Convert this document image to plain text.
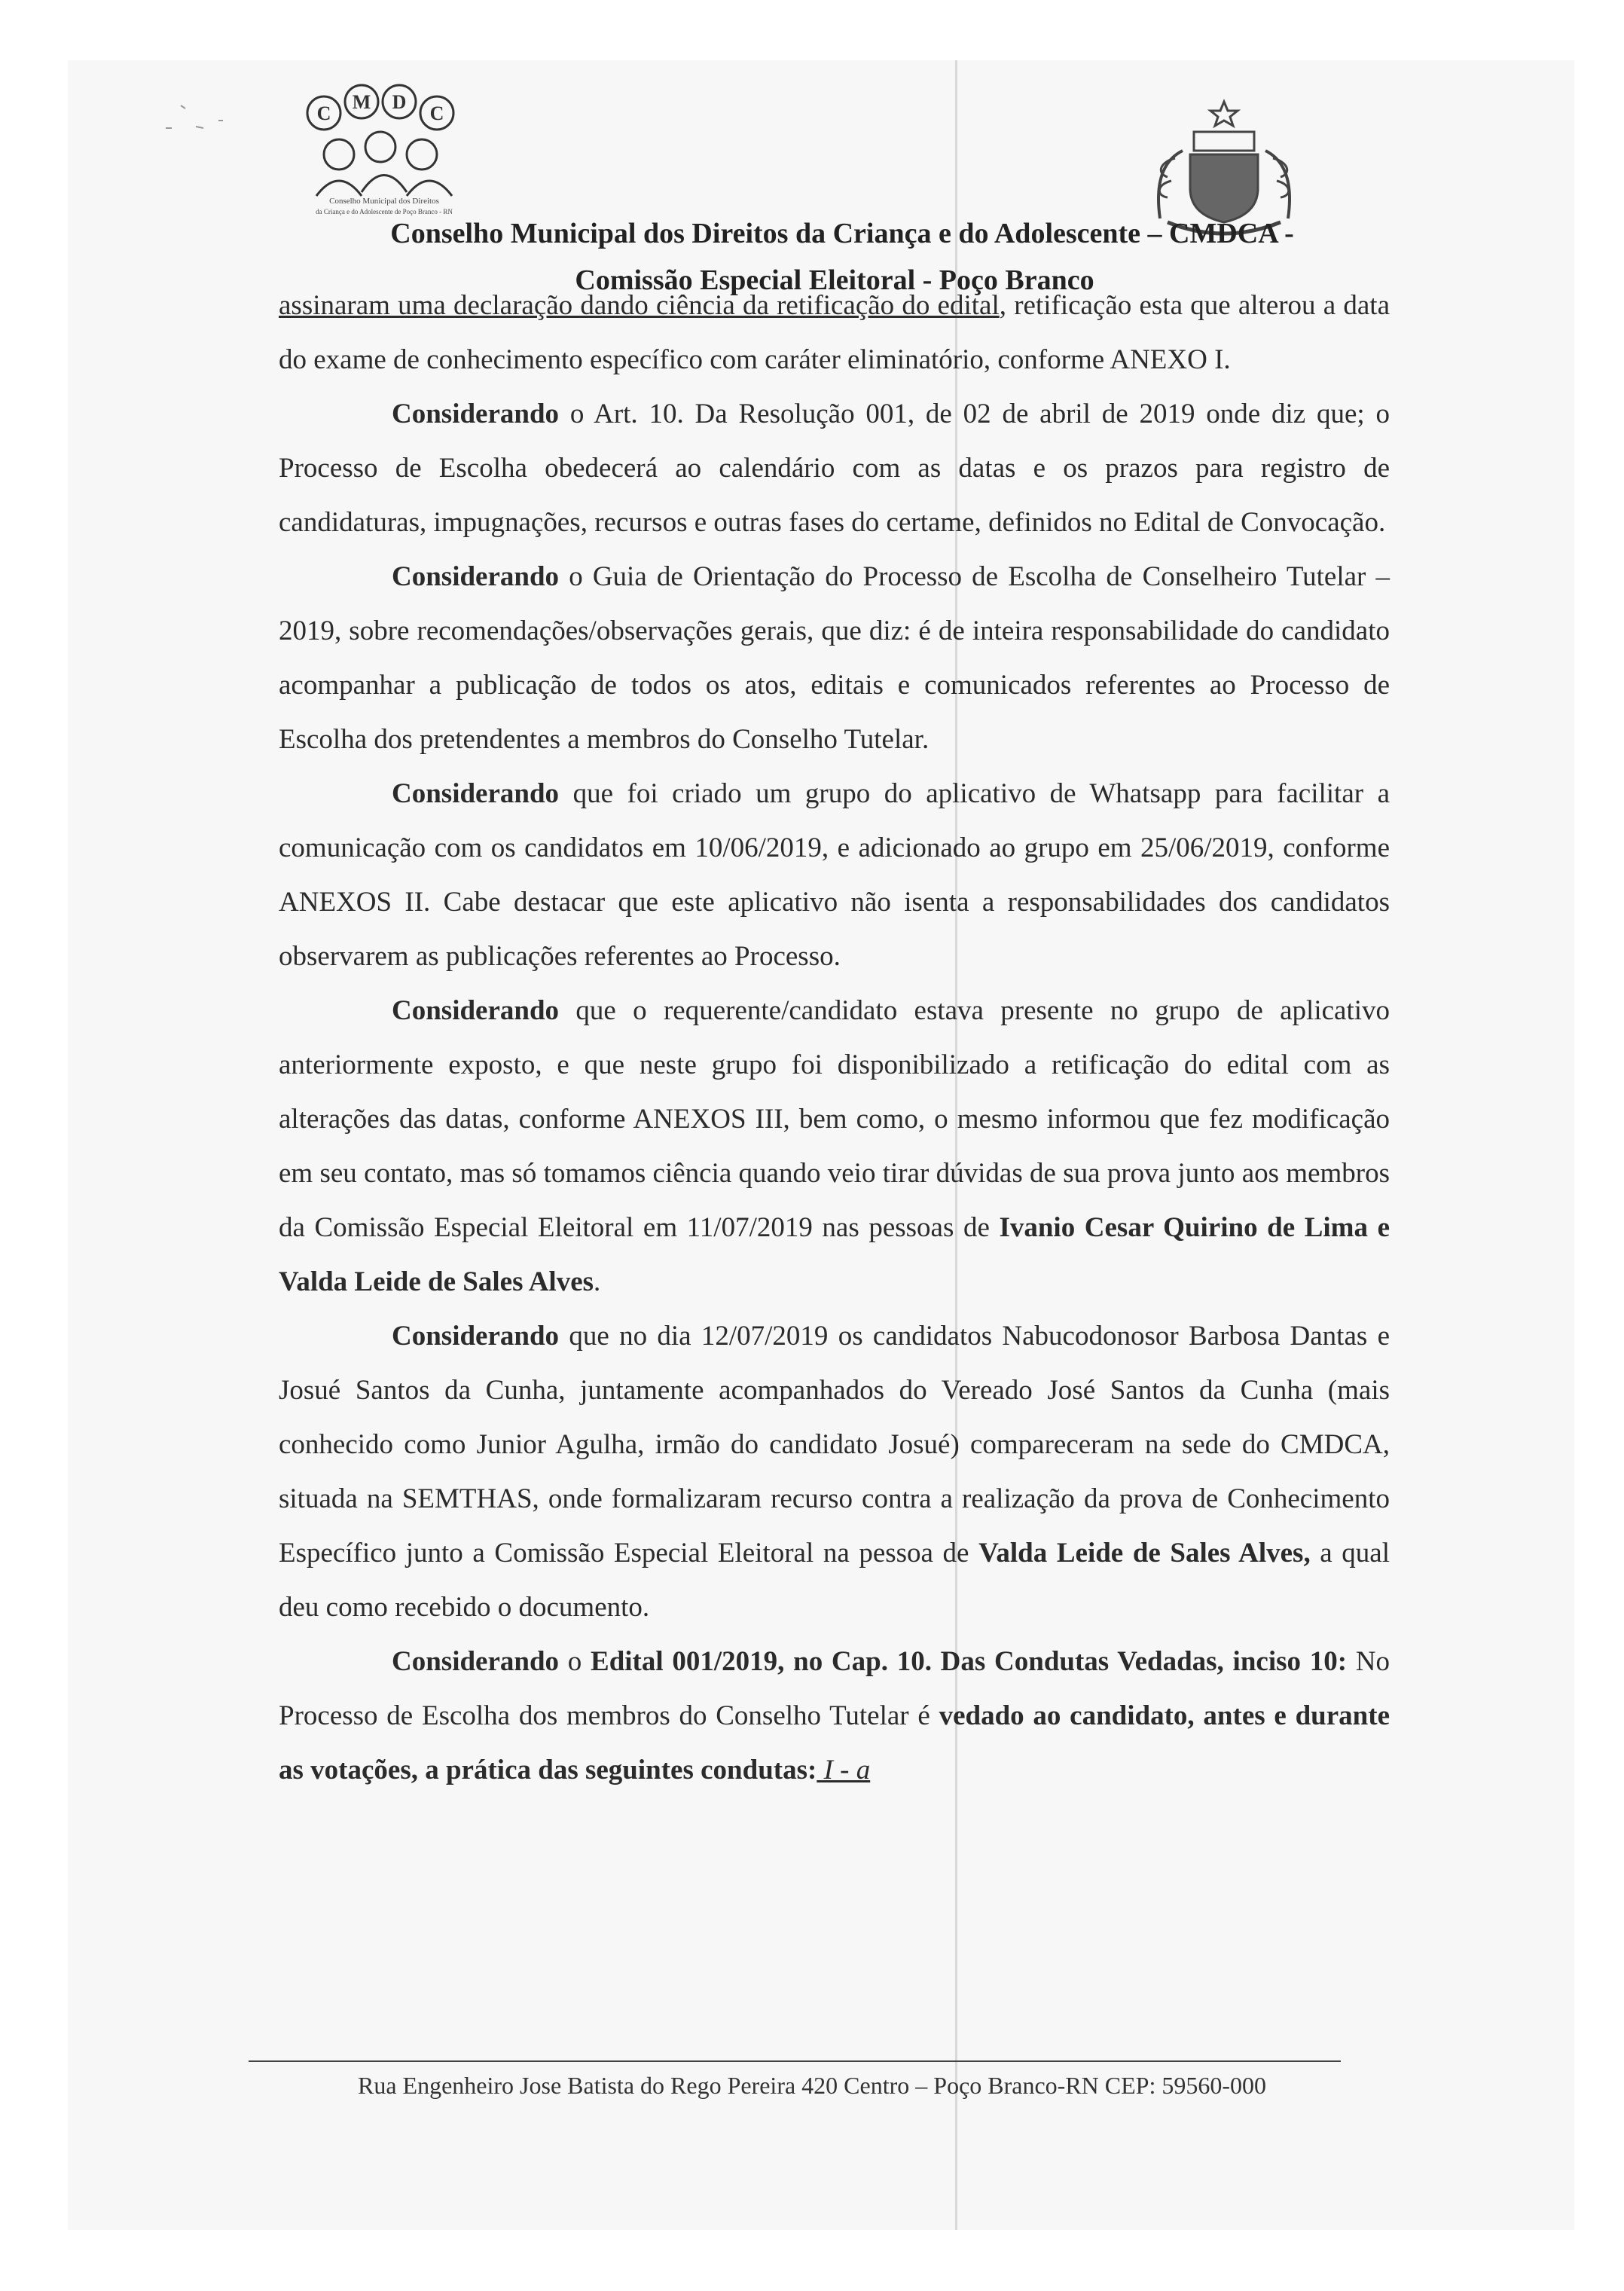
C
M D
C
Conselho Municipal dos Direitos
da Criança e do Adolescente de Poço Branco - RN
Conselho Municipal dos Direitos da Criança e do Adolescente – CMDCA -
Comissão Especial Eleitoral - Poço Branco

assinaram uma declaração dando ciência da retificação do edital, retificação esta que alterou a data do exame de conhecimento específico com caráter eliminatório, conforme ANEXO I.

Considerando o Art. 10. Da Resolução 001, de 02 de abril de 2019 onde diz que; o Processo de Escolha obedecerá ao calendário com as datas e os prazos para registro de candidaturas, impugnações, recursos e outras fases do certame, definidos no Edital de Convocação.

Considerando o Guia de Orientação do Processo de Escolha de Conselheiro Tutelar – 2019, sobre recomendações/observações gerais, que diz: é de inteira responsabilidade do candidato acompanhar a publicação de todos os atos, editais e comunicados referentes ao Processo de Escolha dos pretendentes a membros do Conselho Tutelar.

Considerando que foi criado um grupo do aplicativo de Whatsapp para facilitar a comunicação com os candidatos em 10/06/2019, e adicionado ao grupo em 25/06/2019, conforme ANEXOS II. Cabe destacar que este aplicativo não isenta a responsabilidades dos candidatos observarem as publicações referentes ao Processo.

Considerando que o requerente/candidato estava presente no grupo de aplicativo anteriormente exposto, e que neste grupo foi disponibilizado a retificação do edital com as alterações das datas, conforme ANEXOS III, bem como, o mesmo informou que fez modificação em seu contato, mas só tomamos ciência quando veio tirar dúvidas de sua prova junto aos membros da Comissão Especial Eleitoral em 11/07/2019 nas pessoas de Ivanio Cesar Quirino de Lima e Valda Leide de Sales Alves.

Considerando que no dia 12/07/2019 os candidatos Nabucodonosor Barbosa Dantas e Josué Santos da Cunha, juntamente acompanhados do Vereado José Santos da Cunha (mais conhecido como Junior Agulha, irmão do candidato Josué) compareceram na sede do CMDCA, situada na SEMTHAS, onde formalizaram recurso contra a realização da prova de Conhecimento Específico junto a Comissão Especial Eleitoral na pessoa de Valda Leide de Sales Alves, a qual deu como recebido o documento.

Considerando o Edital 001/2019, no Cap. 10. Das Condutas Vedadas, inciso 10: No Processo de Escolha dos membros do Conselho Tutelar é vedado ao candidato, antes e durante as votações, a prática das seguintes condutas: I - a

Rua Engenheiro Jose Batista do Rego Pereira 420 Centro – Poço Branco-RN CEP: 59560-000
